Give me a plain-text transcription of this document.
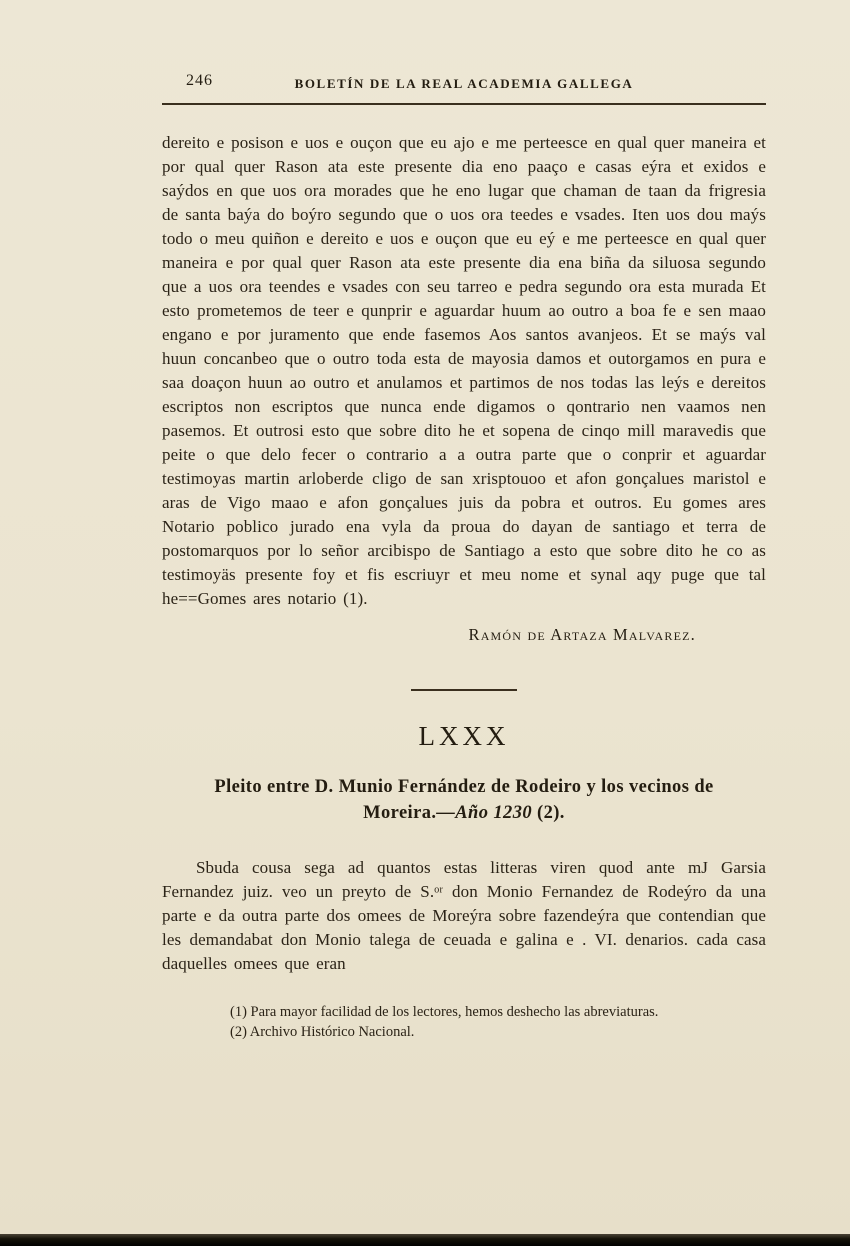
246	BOLETÍN DE LA REAL ACADEMIA GALLEGA

dereito e posison e uos e ouçon que eu ajo e me perteesce en qual quer maneira et por qual quer Rason ata este presente dia eno paaço e casas eýra et exidos e saýdos en que uos ora morades que he eno lugar que chaman de taan da frigresia de santa baýa do boýro segundo que o uos ora teedes e vsades. Iten uos dou maýs todo o meu quiñon e dereito e uos e ouçon que eu eý e me perteesce en qual quer maneira e por qual quer Rason ata este presente dia ena biña da siluosa segundo que a uos ora teendes e vsades con seu tarreo e pedra segundo ora esta murada Et esto prometemos de teer e qunprir e aguardar huum ao outro a boa fe e sen maao engano e por juramento que ende fasemos Aos santos avanjeos. Et se maýs val huun concanbeo que o outro toda esta de mayosia damos et outorgamos en pura e saa doaçon huun ao outro et anulamos et partimos de nos todas las leýs e dereitos escriptos non escriptos que nunca ende digamos o qontrario nen vaamos nen pasemos. Et outrosi esto que sobre dito he et sopena de cinqo mill maravedis que peite o que delo fecer o contrario a a outra parte que o conprir et aguardar testimoyas martin arloberde cligo de san xrisptouoo et afon gonçalues maristol e aras de Vigo maao e afon gonçalues juis da pobra et outros. Eu gomes ares Notario poblico jurado ena vyla da proua do dayan de santiago et terra de postomarquos por lo señor arcibispo de Santiago a esto que sobre dito he co as testimoyäs presente foy et fis escriuyr et meu nome et synal aqy puge que tal he==Gomes ares notario (1).

Ramón de Artaza Malvarez.

LXXX
Pleito entre D. Munio Fernández de Rodeiro y los vecinos de Moreira.—Año 1230 (2).

Sbuda cousa sega ad quantos estas litteras viren quod ante mJ Garsia Fernandez juiz. veo un preyto de S.ᵒʳ don Monio Fernandez de Rodeýro da una parte e da outra parte dos omees de Moreýra sobre fazendeýra que contendian que les demandabat don Monio talega de ceuada e galina e . VI. denarios. cada casa daquelles omees que eran

(1) Para mayor facilidad de los lectores, hemos deshecho las abreviaturas.

(2) Archivo Histórico Nacional.
